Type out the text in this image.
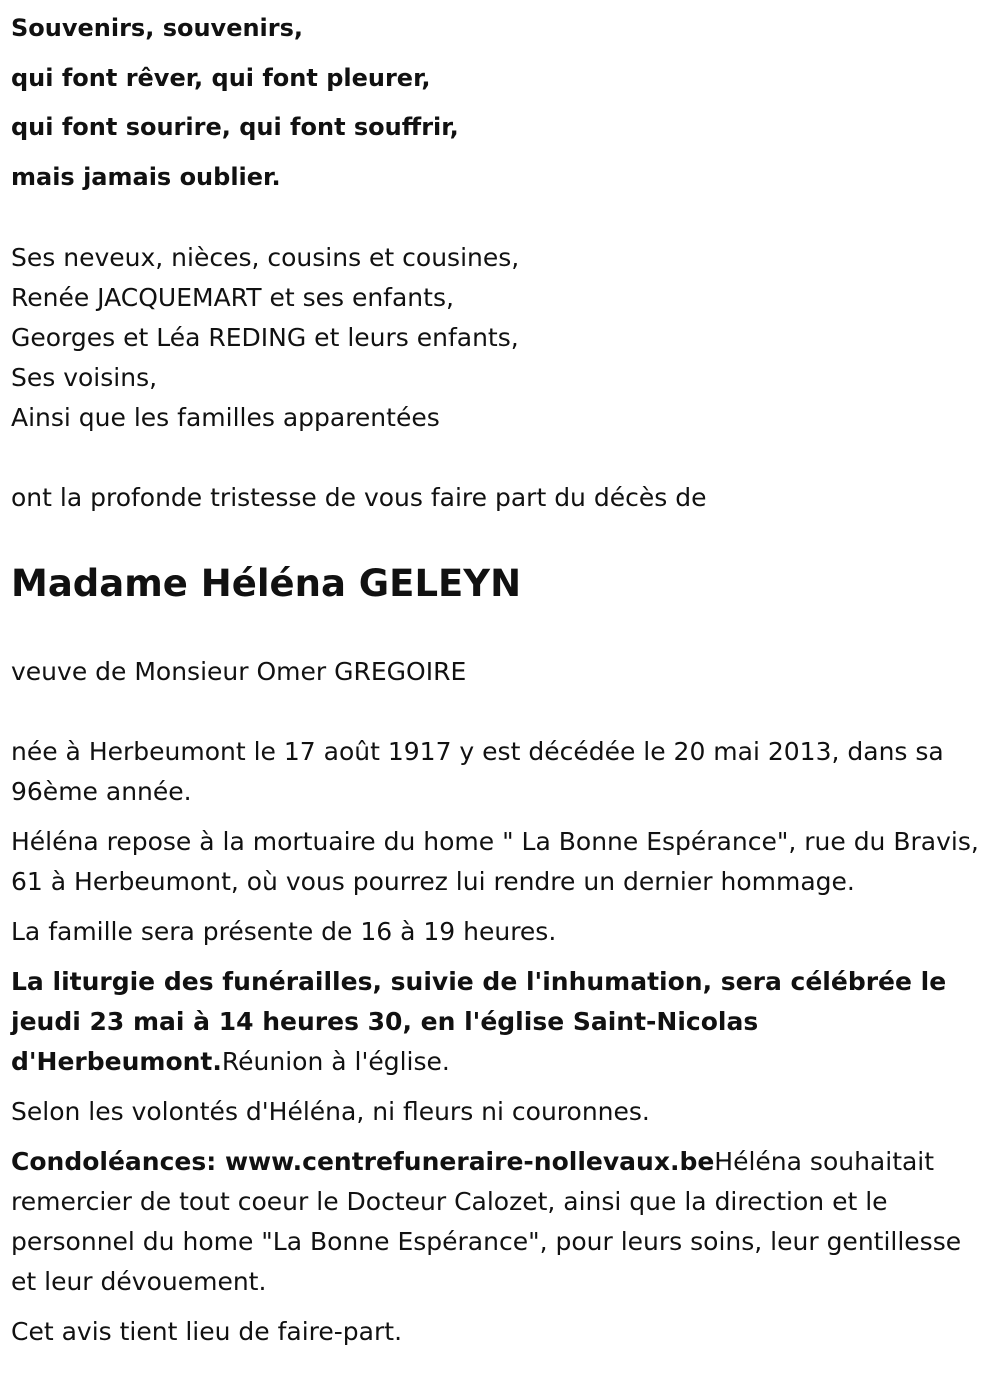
Souvenirs, souvenirs,
qui font rêver, qui font pleurer,
qui font sourire, qui font souffrir,
mais jamais oublier.
Ses neveux, nièces, cousins et cousines,
Renée JACQUEMART et ses enfants,
Georges et Léa REDING et leurs enfants,
Ses voisins,
Ainsi que les familles apparentées
ont la profonde tristesse de vous faire part du décès de
Madame Héléna GELEYN
veuve de Monsieur Omer GREGOIRE

née à Herbeumont le 17 août 1917 y est décédée le 20 mai 2013, dans sa 96ème année.

Héléna repose à la mortuaire du home " La Bonne Espérance", rue du Bravis, 61 à Herbeumont, où vous pourrez lui rendre un dernier hommage.

La famille sera présente de 16 à 19 heures.

La liturgie des funérailles, suivie de l'inhumation, sera célébrée le jeudi 23 mai à 14 heures 30, en l'église Saint-Nicolas d'Herbeumont.Réunion à l'église.

Selon les volontés d'Héléna, ni fleurs ni couronnes.

Condoléances: www.centrefuneraire-nollevaux.beHéléna souhaitait remercier de tout coeur le Docteur Calozet, ainsi que la direction et le personnel du home "La Bonne Espérance", pour leurs soins, leur gentillesse et leur dévouement.

Cet avis tient lieu de faire-part.
